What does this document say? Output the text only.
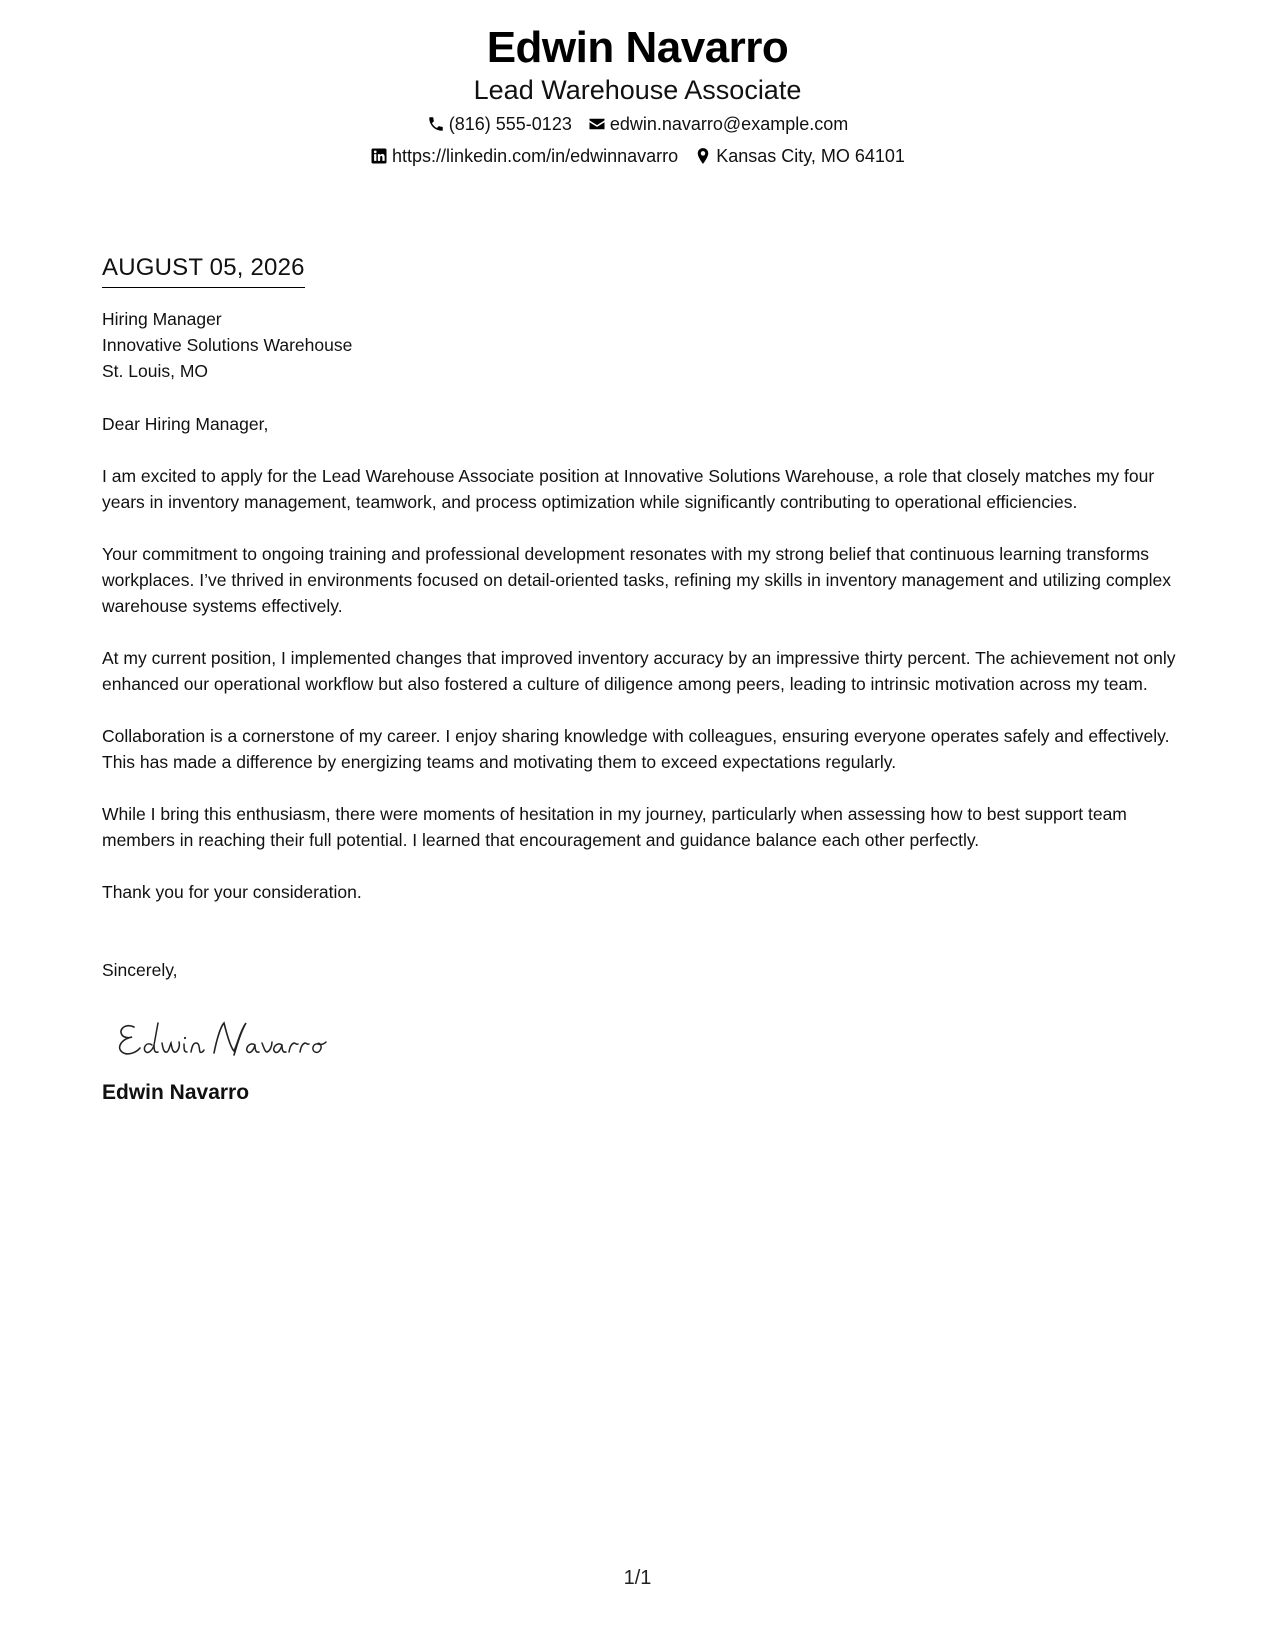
Edwin Navarro
Lead Warehouse Associate
(816) 555-0123 edwin.navarro@example.com
https://linkedin.com/in/edwinnavarro Kansas City, MO 64101
AUGUST 05, 2026
Hiring Manager
Innovative Solutions Warehouse
St. Louis, MO
Dear Hiring Manager,

I am excited to apply for the Lead Warehouse Associate position at Innovative Solutions Warehouse, a role that closely matches my four years in inventory management, teamwork, and process optimization while significantly contributing to operational efficiencies.

Your commitment to ongoing training and professional development resonates with my strong belief that continuous learning transforms workplaces. I’ve thrived in environments focused on detail-oriented tasks, refining my skills in inventory management and utilizing complex warehouse systems effectively.

At my current position, I implemented changes that improved inventory accuracy by an impressive thirty percent. The achievement not only enhanced our operational workflow but also fostered a culture of diligence among peers, leading to intrinsic motivation across my team.

Collaboration is a cornerstone of my career. I enjoy sharing knowledge with colleagues, ensuring everyone operates safely and effectively. This has made a difference by energizing teams and motivating them to exceed expectations regularly.

While I bring this enthusiasm, there were moments of hesitation in my journey, particularly when assessing how to best support team members in reaching their full potential. I learned that encouragement and guidance balance each other perfectly.

Thank you for your consideration.
Sincerely,
Edwin Navarro
1/1
